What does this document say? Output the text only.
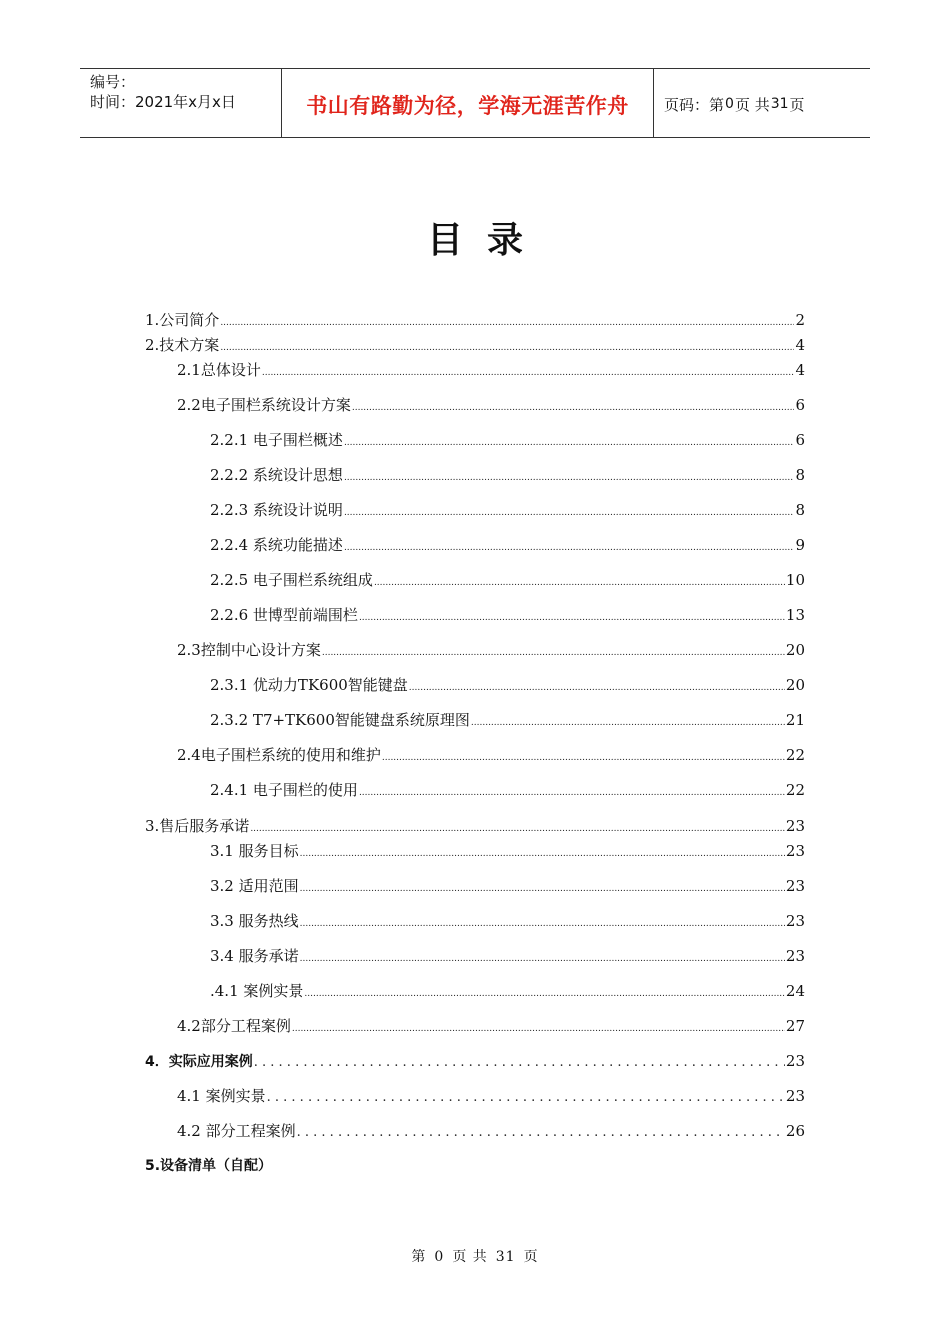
编号：
时间：2021年x月x日	书山有路勤为径，学海无涯苦作舟	页码：第 0 页 共 31 页
目录
1.公司简介 .....	2
2.技术方案 .....	4
2.1总体设计 .....	4
2.2电子围栏系统设计方案 .....	6
2.2.1 电子围栏概述 .....	6
2.2.2 系统设计思想 .....	8
2.2.3 系统设计说明 .....	8
2.2.4 系统功能描述 .....	9
2.2.5 电子围栏系统组成 .....	10
2.2.6 世博型前端围栏 .....	13
2.3控制中心设计方案 .....	20
2.3.1 优动力TK600智能键盘 .....	20
2.3.2 T7+TK600智能键盘系统原理图 .....	21
2.4电子围栏系统的使用和维护 .....	22
2.4.1 电子围栏的使用 .....	22
3.售后服务承诺 .....	23
3.1 服务目标 .....	23
3.2 适用范围 .....	23
3.3 服务热线 .....	23
3.4 服务承诺 .....	23
.4.1 案例实景 .....	24
4.2部分工程案例 .....	27
4．实际应用案例 . . .	23
4.1 案例实景 . . .	23
4.2 部分工程案例 . . .	26
5.设备清单（自配）
第 0 页 共 31 页
